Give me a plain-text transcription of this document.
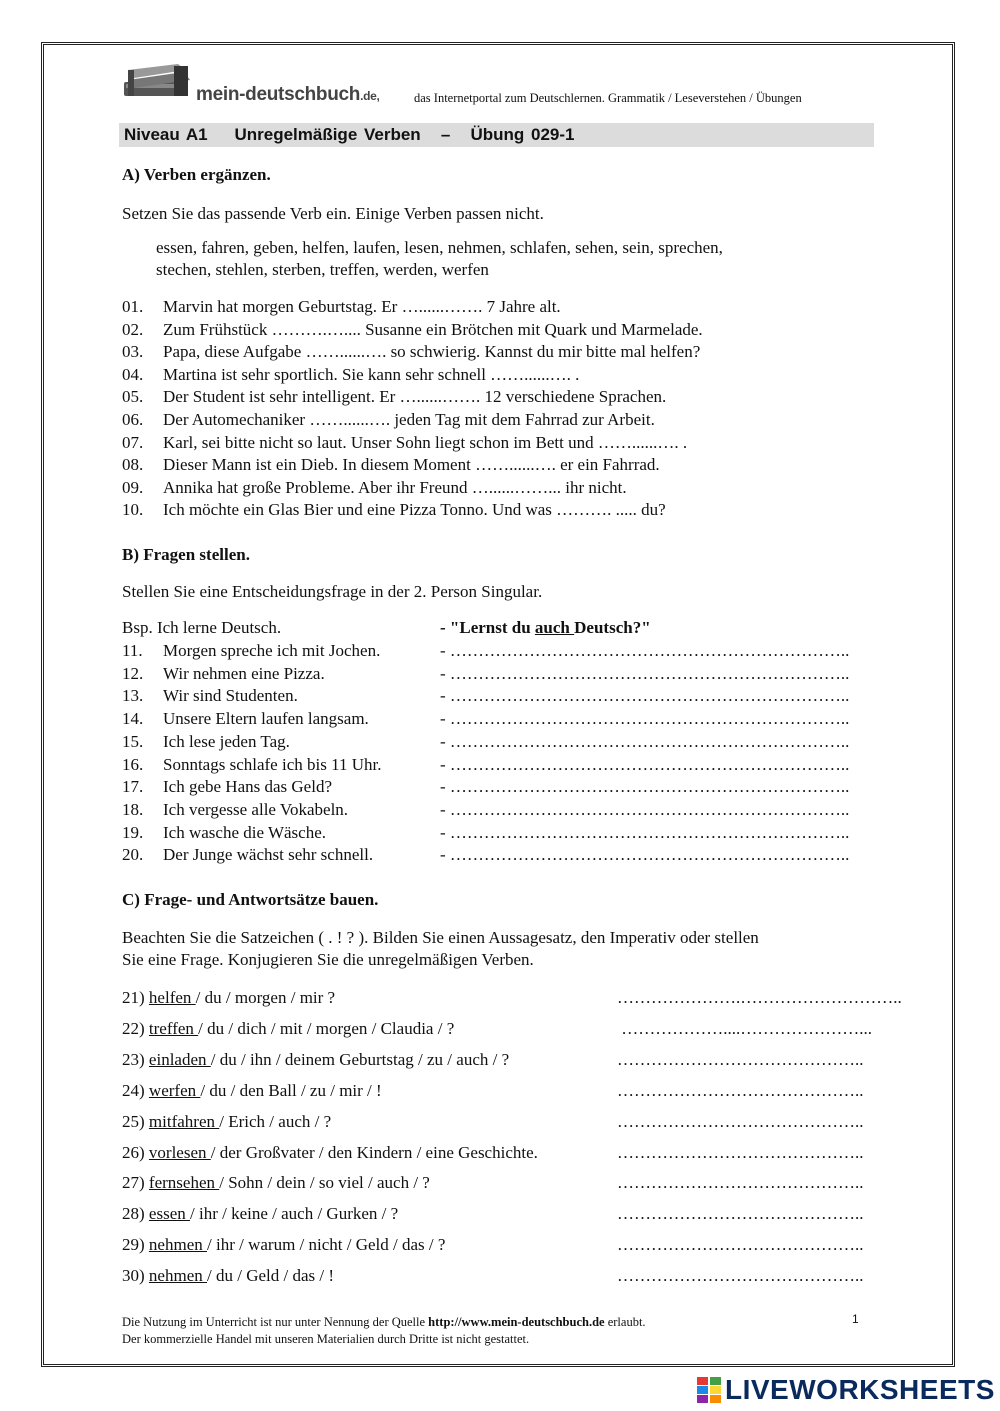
mein-deutschbuch.de,	das Internetportal zum Deutschlernen. Grammatik / Leseverstehen / Übungen
Niveau A1    Unregelmäßige Verben   –   Übung 029-1
A) Verben ergänzen.
Setzen Sie das passende Verb ein. Einige Verben passen nicht.
essen, fahren, geben, helfen, laufen, lesen, nehmen, schlafen, sehen, sein, sprechen,
stechen, stehlen, sterben, treffen, werden, werfen
01. Marvin hat morgen Geburtstag. Er …......……. 7 Jahre alt.
02. Zum Frühstück ……….….... Susanne ein Brötchen mit Quark und Marmelade.
03. Papa, diese Aufgabe ……......…. so schwierig. Kannst du mir bitte mal helfen?
04. Martina ist sehr sportlich. Sie kann sehr schnell ……......…. .
05. Der Student ist sehr intelligent. Er …......……. 12 verschiedene Sprachen.
06. Der Automechaniker ……......…. jeden Tag mit dem Fahrrad zur Arbeit.
07. Karl, sei bitte nicht so laut. Unser Sohn liegt schon im Bett und ……......…. .
08. Dieser Mann ist ein Dieb. In diesem Moment ……......…. er ein Fahrrad.
09. Annika hat große Probleme. Aber ihr Freund …......……... ihr nicht.
10. Ich möchte ein Glas Bier und eine Pizza Tonno. Und was ………. ..... du?
B) Fragen stellen.
Stellen Sie eine Entscheidungsfrage in der 2. Person Singular.
Bsp. Ich lerne Deutsch.	- "Lernst du auch Deutsch?"
11. Morgen spreche ich mit Jochen.	- ……………………………………………………………..
12. Wir nehmen eine Pizza.	- ……………………………………………………………..
13. Wir sind Studenten.	- ……………………………………………………………..
14. Unsere Eltern laufen langsam.	- ……………………………………………………………..
15. Ich lese jeden Tag.	- ……………………………………………………………..
16. Sonntags schlafe ich bis 11 Uhr.	- ……………………………………………………………..
17. Ich gebe Hans das Geld?	- ……………………………………………………………..
18. Ich vergesse alle Vokabeln.	- ……………………………………………………………..
19. Ich wasche die Wäsche.	- ……………………………………………………………..
20. Der Junge wächst sehr schnell.	- ……………………………………………………………..
C) Frage- und Antwortsätze bauen.
Beachten Sie die Satzeichen ( . ! ? ). Bilden Sie einen Aussagesatz, den Imperativ oder stellen
Sie eine Frage. Konjugieren Sie die unregelmäßigen Verben.
21) helfen / du / morgen / mir ?	………………….………………………..
22) treffen / du / dich / mit / morgen / Claudia / ?	………………....…………………...
23) einladen / du / ihn / deinem Geburtstag / zu / auch / ?	……………………………………..
24) werfen / du / den Ball / zu / mir / !	……………………………………..
25) mitfahren / Erich / auch / ?	……………………………………..
26) vorlesen / der Großvater / den Kindern / eine Geschichte.	……………………………………..
27) fernsehen / Sohn / dein / so viel / auch / ?	……………………………………..
28) essen / ihr / keine / auch / Gurken / ?	……………………………………..
29) nehmen / ihr / warum / nicht / Geld / das / ?	……………………………………..
30) nehmen / du / Geld / das / !	……………………………………..
Die Nutzung im Unterricht ist nur unter Nennung der Quelle http://www.mein-deutschbuch.de erlaubt.
Der kommerzielle Handel mit unseren Materialien durch Dritte ist nicht gestattet.
1
LIVEWORKSHEETS
